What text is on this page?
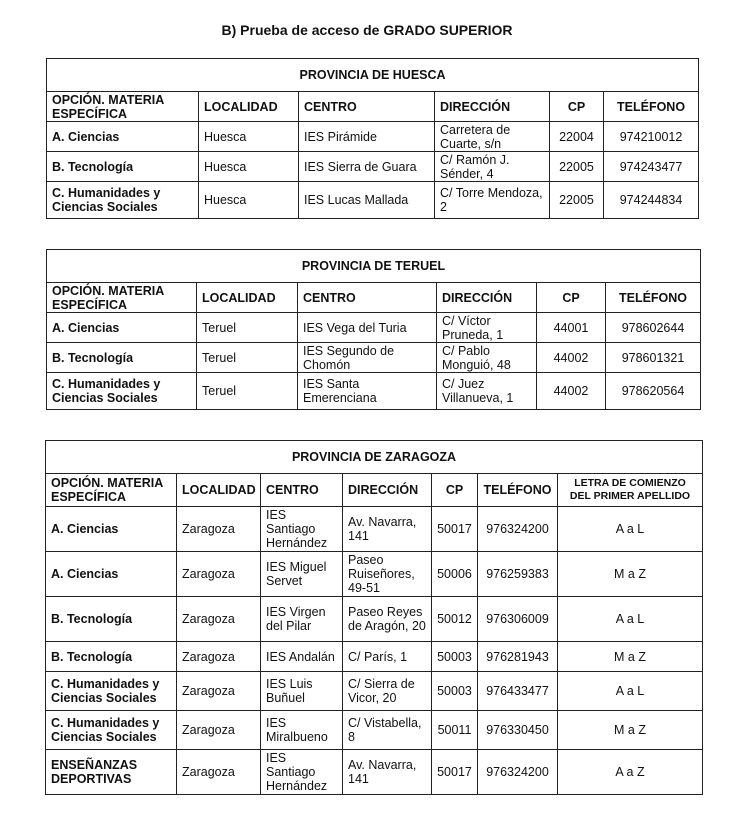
B) Prueba de acceso de GRADO SUPERIOR
PROVINCIA DE HUESCA					
OPCIÓN. MATERIA ESPECÍFICA	LOCALIDAD	CENTRO	DIRECCIÓN	CP	TELÉFONO
A. Ciencias	Huesca	IES Pirámide	Carretera de Cuarte, s/n	22004	974210012
B. Tecnología	Huesca	IES Sierra de Guara	C/ Ramón J. Sénder, 4	22005	974243477
C. Humanidades y Ciencias Sociales	Huesca	IES Lucas Mallada	C/ Torre Mendoza, 2	22005	974244834
PROVINCIA DE TERUEL					
OPCIÓN. MATERIA ESPECÍFICA	LOCALIDAD	CENTRO	DIRECCIÓN	CP	TELÉFONO
A. Ciencias	Teruel	IES Vega del Turia	C/ Víctor Pruneda, 1	44001	978602644
B. Tecnología	Teruel	IES Segundo de Chomón	C/ Pablo Monguió, 48	44002	978601321
C. Humanidades y Ciencias Sociales	Teruel	IES Santa Emerenciana	C/ Juez Villanueva, 1	44002	978620564
PROVINCIA DE ZARAGOZA						
OPCIÓN. MATERIA ESPECÍFICA	LOCALIDAD	CENTRO	DIRECCIÓN	CP	TELÉFONO	LETRA DE COMIENZO DEL PRIMER APELLIDO
A. Ciencias	Zaragoza	IES Santiago Hernández	Av. Navarra, 141	50017	976324200	A a L
A. Ciencias	Zaragoza	IES Miguel Servet	Paseo Ruiseñores, 49-51	50006	976259383	M a Z
B. Tecnología	Zaragoza	IES Virgen del Pilar	Paseo Reyes de Aragón, 20	50012	976306009	A a L
B. Tecnología	Zaragoza	IES Andalán	C/ París, 1	50003	976281943	M a Z
C. Humanidades y Ciencias Sociales	Zaragoza	IES Luis Buñuel	C/ Sierra de Vicor, 20	50003	976433477	A a L
C. Humanidades y Ciencias Sociales	Zaragoza	IES Miralbueno	C/ Vistabella, 8	50011	976330450	M a Z
ENSEÑANZAS DEPORTIVAS	Zaragoza	IES Santiago Hernández	Av. Navarra, 141	50017	976324200	A a Z
